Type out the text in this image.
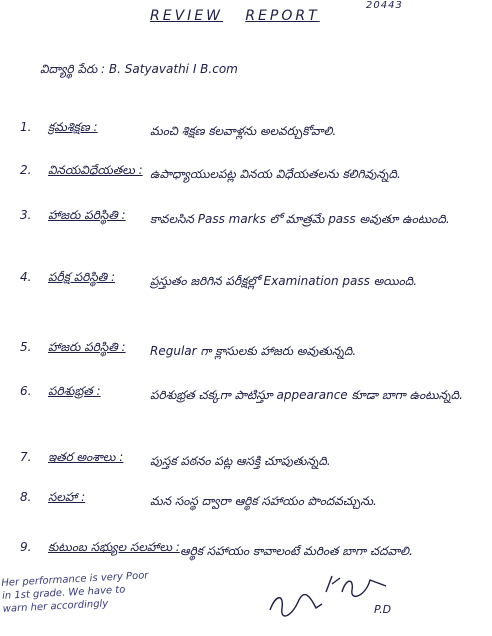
20443
REVIEW REPORT
విద్యార్థి పేరు : B. Satyavathi I B.com
1.	క్రమశిక్షణ :	మంచి శిక్షణ కలవాళ్లను అలవర్చుకోవాలి.
2.	వినయవిధేయతలు : ఉపాధ్యాయులపట్ల వినయ విధేయతలను కలిగివున్నది.
3.	హాజరు పరిస్థితి : కావలసిన Pass marks లో మాత్రమే pass అవుతూ ఉంటుంది.
4.	పరీక్ష పరిస్థితి :	ప్రస్తుతం జరిగిన పరీక్షల్లో Examination pass అయింది.
5.	హాజరు పరిస్థితి : Regular గా క్లాసులకు హాజరు అవుతున్నది.
6.	పరిశుభ్రత :	పరిశుభ్రత చక్కగా పాటిస్తూ appearance కూడా బాగా ఉంటున్నది.
7.	ఇతర అంశాలు : పుస్తక పఠనం పట్ల ఆసక్తి చూపుతున్నది.
8.	సలహా :	మన సంస్థ ద్వారా ఆర్థిక సహాయం పొందవచ్చును.
9.	కుటుంబ సభ్యుల సలహాలు : ఆర్థిక సహాయం కావాలంటే మరింత బాగా చదవాలి.
Her performance is very Poor in 1st grade. We have to warn her accordingly	P.D
